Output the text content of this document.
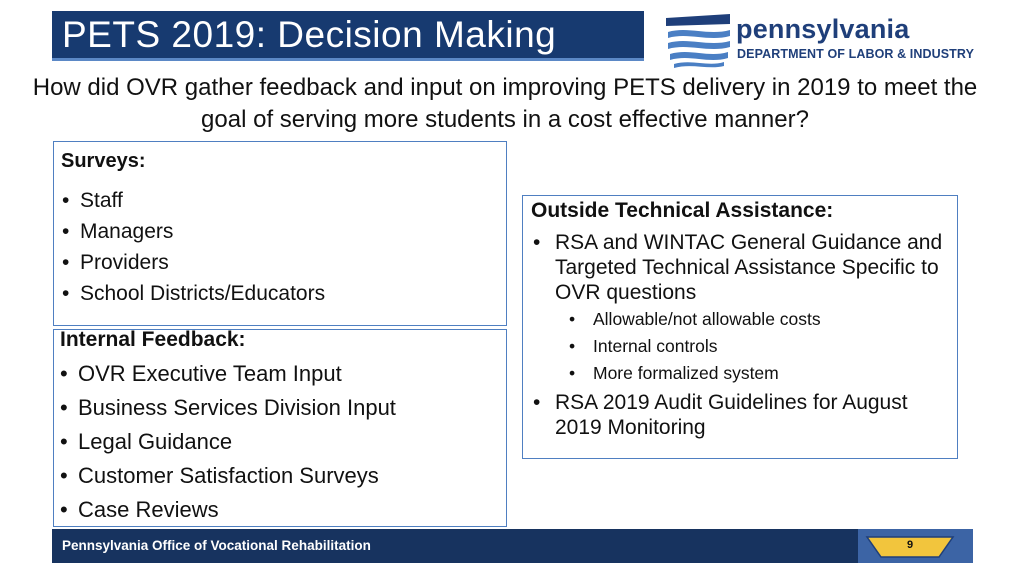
PETS 2019: Decision Making	pennsylvania
DEPARTMENT OF LABOR & INDUSTRY
How did OVR gather feedback and input on improving PETS delivery in 2019 to meet the goal of serving more students in a cost effective manner?
Surveys:
• Staff
• Managers
• Providers
• School Districts/Educators
Internal Feedback:
• OVR Executive Team Input
• Business Services Division Input
• Legal Guidance
• Customer Satisfaction Surveys
• Case Reviews
Outside Technical Assistance:
• RSA and WINTAC General Guidance and Targeted Technical Assistance Specific to OVR questions
• Allowable/not allowable costs
• Internal controls
• More formalized system
• RSA 2019 Audit Guidelines for August 2019 Monitoring
Pennsylvania Office of Vocational Rehabilitation	9
